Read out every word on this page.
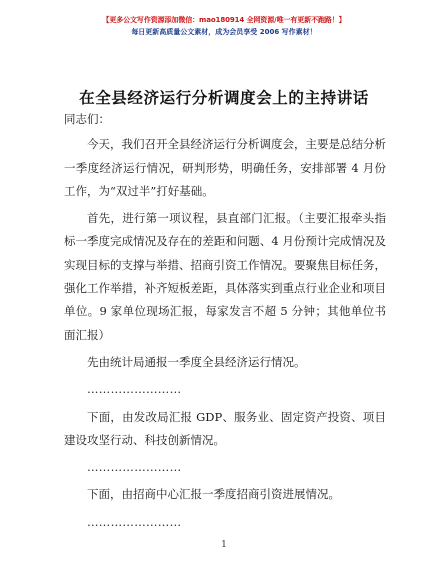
【更多公文写作资源添加微信：mao180914 全网资源/唯一有更新不跑路！】
每日更新高质量公文素材，成为会员享受 2006 写作素材！
在全县经济运行分析调度会上的主持讲话

同志们：

今天，我们召开全县经济运行分析调度会，主要是总结分析一季度经济运行情况，研判形势，明确任务，安排部署 4 月份工作，为“双过半”打好基础。

首先，进行第一项议程，县直部门汇报。（主要汇报牵头指标一季度完成情况及存在的差距和问题、4 月份预计完成情况及实现目标的支撑与举措、招商引资工作情况。要聚焦目标任务，强化工作举措，补齐短板差距，具体落实到重点行业企业和项目单位。9 家单位现场汇报，每家发言不超 5 分钟；其他单位书面汇报）

先由统计局通报一季度全县经济运行情况。

……………………

下面，由发改局汇报 GDP、服务业、固定资产投资、项目建设攻坚行动、科技创新情况。

……………………

下面，由招商中心汇报一季度招商引资进展情况。

……………………

1
